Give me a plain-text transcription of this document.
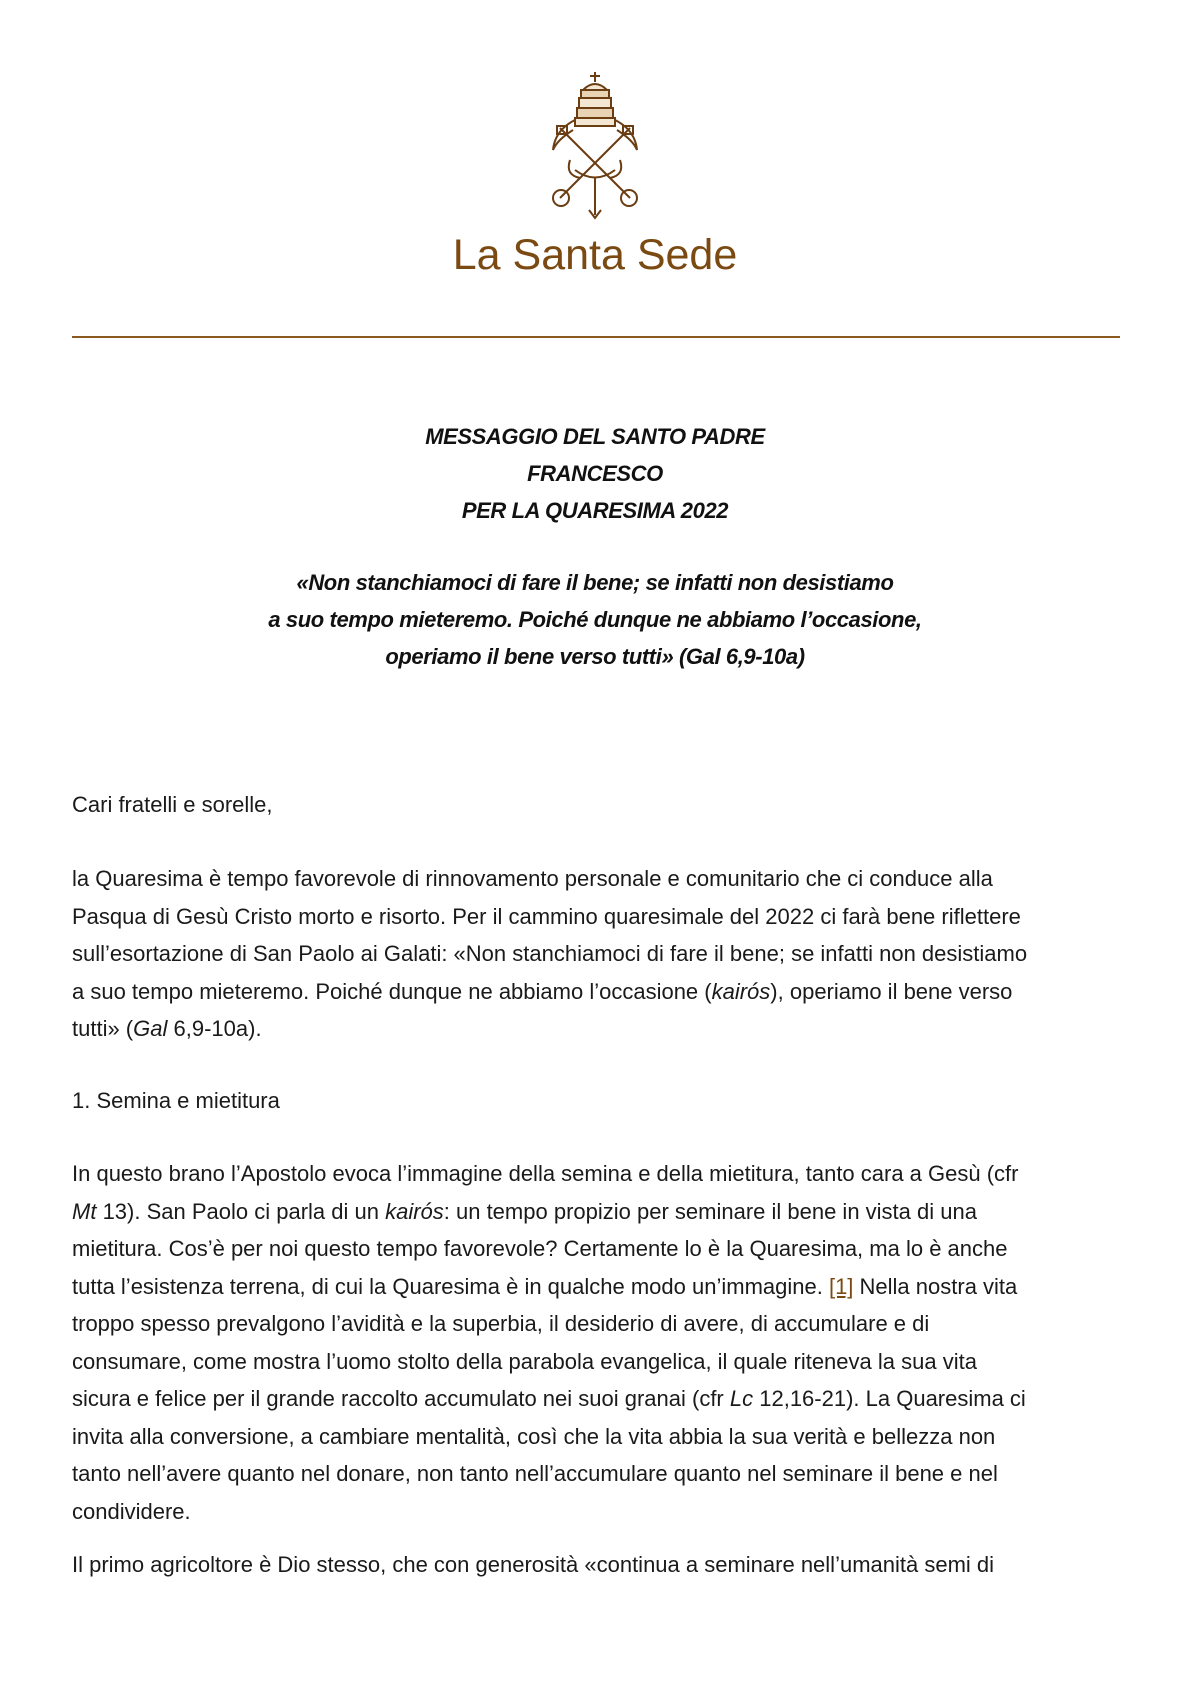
La Santa Sede
MESSAGGIO DEL SANTO PADRE
FRANCESCO
PER LA QUARESIMA 2022
«Non stanchiamoci di fare il bene; se infatti non desistiamo
a suo tempo mieteremo. Poiché dunque ne abbiamo l’occasione,
operiamo il bene verso tutti» (Gal 6,9-10a)
Cari fratelli e sorelle,
la Quaresima è tempo favorevole di rinnovamento personale e comunitario che ci conduce alla
Pasqua di Gesù Cristo morto e risorto. Per il cammino quaresimale del 2022 ci farà bene riflettere
sull’esortazione di San Paolo ai Galati: «Non stanchiamoci di fare il bene; se infatti non desistiamo
a suo tempo mieteremo. Poiché dunque ne abbiamo l’occasione (kairós), operiamo il bene verso
tutti» (Gal 6,9-10a).
1. Semina e mietitura
In questo brano l’Apostolo evoca l’immagine della semina e della mietitura, tanto cara a Gesù (cfr
Mt 13). San Paolo ci parla di un kairós: un tempo propizio per seminare il bene in vista di una
mietitura. Cos’è per noi questo tempo favorevole? Certamente lo è la Quaresima, ma lo è anche
tutta l’esistenza terrena, di cui la Quaresima è in qualche modo un’immagine. [1] Nella nostra vita
troppo spesso prevalgono l’avidità e la superbia, il desiderio di avere, di accumulare e di
consumare, come mostra l’uomo stolto della parabola evangelica, il quale riteneva la sua vita
sicura e felice per il grande raccolto accumulato nei suoi granai (cfr Lc 12,16-21). La Quaresima ci
invita alla conversione, a cambiare mentalità, così che la vita abbia la sua verità e bellezza non
tanto nell’avere quanto nel donare, non tanto nell’accumulare quanto nel seminare il bene e nel
condividere.
Il primo agricoltore è Dio stesso, che con generosità «continua a seminare nell’umanità semi di
